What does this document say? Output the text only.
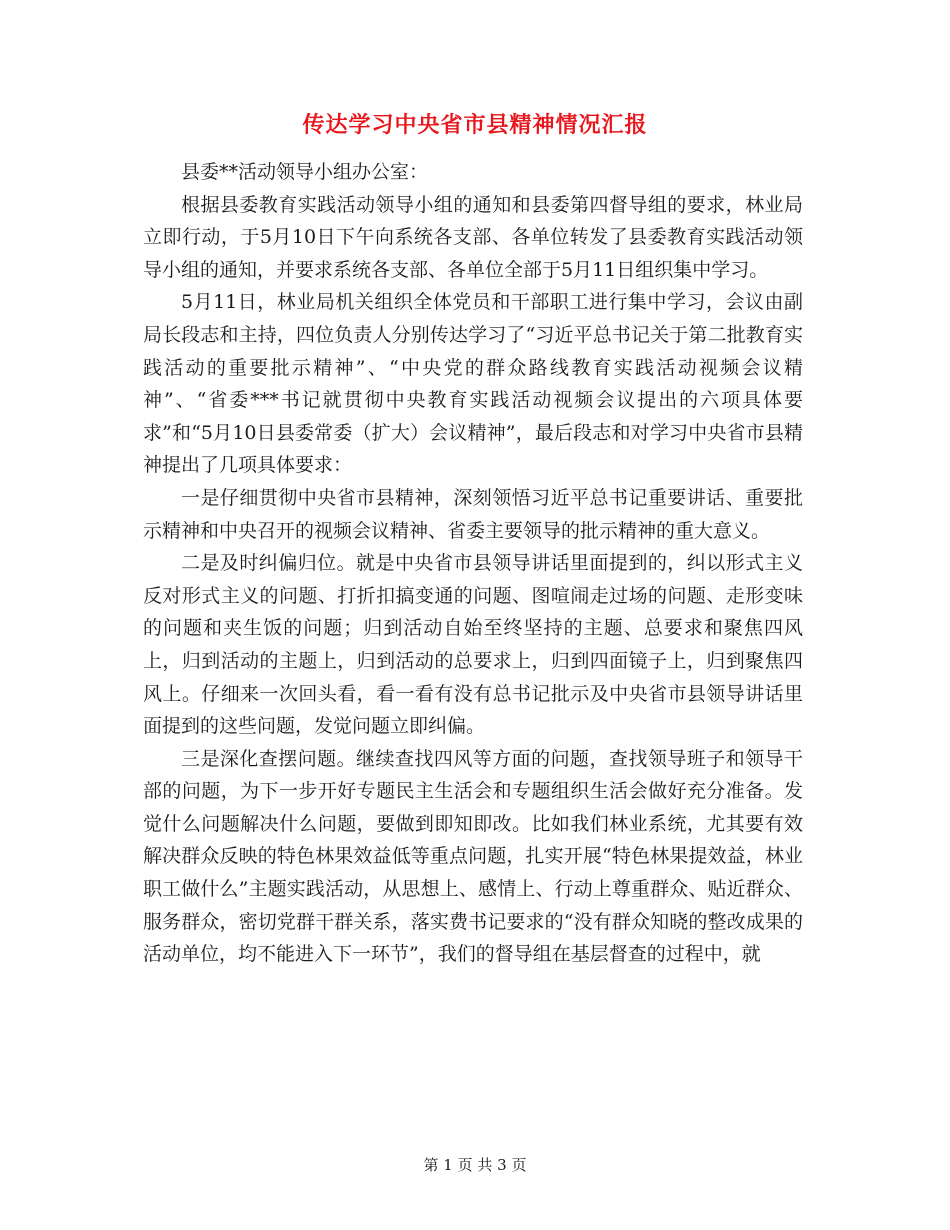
传达学习中央省市县精神情况汇报

县委**活动领导小组办公室：

根据县委教育实践活动领导小组的通知和县委第四督导组的要求，林业局立即行动，于5月10日下午向系统各支部、各单位转发了县委教育实践活动领导小组的通知，并要求系统各支部、各单位全部于5月11日组织集中学习。

5月11日，林业局机关组织全体党员和干部职工进行集中学习，会议由副局长段志和主持，四位负责人分别传达学习了“习近平总书记关于第二批教育实践活动的重要批示精神”、“中央党的群众路线教育实践活动视频会议精神”、“省委***书记就贯彻中央教育实践活动视频会议提出的六项具体要求”和“5月10日县委常委（扩大）会议精神”，最后段志和对学习中央省市县精神提出了几项具体要求：

一是仔细贯彻中央省市县精神，深刻领悟习近平总书记重要讲话、重要批示精神和中央召开的视频会议精神、省委主要领导的批示精神的重大意义。

二是及时纠偏归位。就是中央省市县领导讲话里面提到的，纠以形式主义反对形式主义的问题、打折扣搞变通的问题、图喧闹走过场的问题、走形变味的问题和夹生饭的问题；归到活动自始至终坚持的主题、总要求和聚焦四风上，归到活动的主题上，归到活动的总要求上，归到四面镜子上，归到聚焦四风上。仔细来一次回头看，看一看有没有总书记批示及中央省市县领导讲话里面提到的这些问题，发觉问题立即纠偏。

三是深化查摆问题。继续查找四风等方面的问题，查找领导班子和领导干部的问题，为下一步开好专题民主生活会和专题组织生活会做好充分准备。发觉什么问题解决什么问题，要做到即知即改。比如我们林业系统，尤其要有效解决群众反映的特色林果效益低等重点问题，扎实开展“特色林果提效益，林业职工做什么”主题实践活动，从思想上、感情上、行动上尊重群众、贴近群众、服务群众，密切党群干群关系，落实费书记要求的“没有群众知晓的整改成果的活动单位，均不能进入下一环节”，我们的督导组在基层督查的过程中，就

第 1 页 共 3 页
